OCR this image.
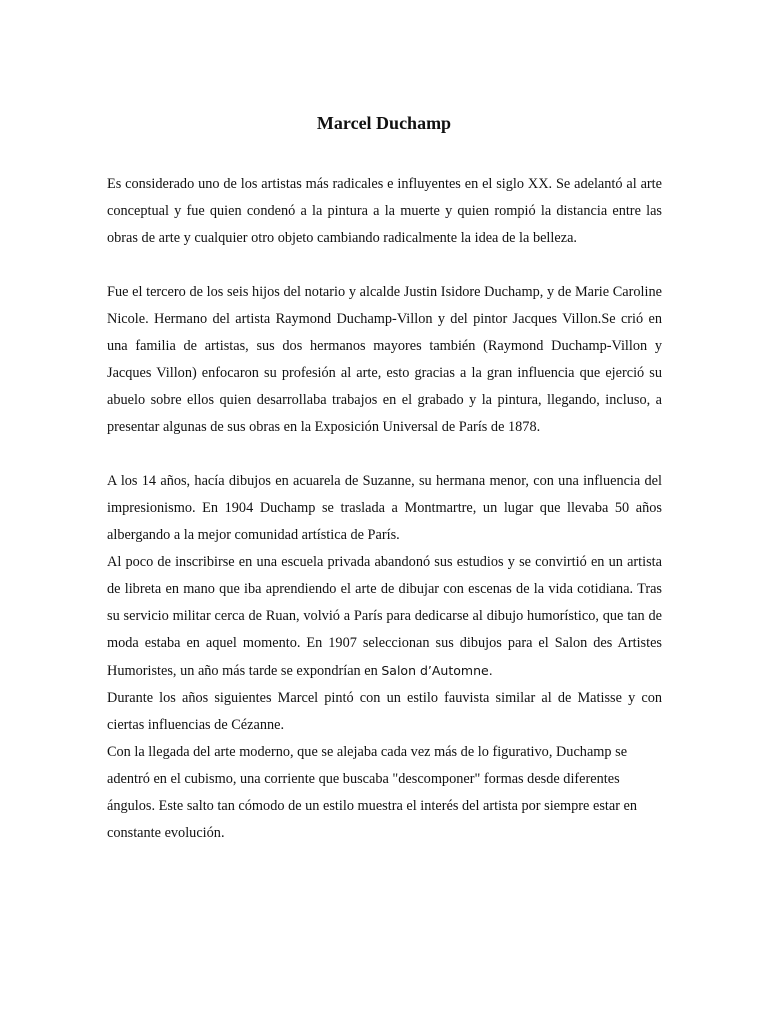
Marcel Duchamp

Es considerado uno de los artistas más radicales e influyentes en el siglo XX. Se adelantó al arte conceptual y fue quien condenó a la pintura a la muerte y quien rompió la distancia entre las obras de arte y cualquier otro objeto cambiando radicalmente la idea de la belleza.

Fue el tercero de los seis hijos del notario y alcalde Justin Isidore Duchamp, y de Marie Caroline Nicole. Hermano del artista Raymond Duchamp-Villon y del pintor Jacques Villon.Se crió en una familia de artistas, sus dos hermanos mayores también (Raymond Duchamp-Villon y Jacques Villon) enfocaron su profesión al arte, esto gracias a la gran influencia que ejerció su abuelo sobre ellos quien desarrollaba trabajos en el grabado y la pintura, llegando, incluso, a presentar algunas de sus obras en la Exposición Universal de París de 1878.

A los 14 años, hacía dibujos en acuarela de Suzanne, su hermana menor, con una influencia del impresionismo. En 1904 Duchamp se traslada a Montmartre, un lugar que llevaba 50 años albergando a la mejor comunidad artística de París.

Al poco de inscribirse en una escuela privada abandonó sus estudios y se convirtió en un artista de libreta en mano que iba aprendiendo el arte de dibujar con escenas de la vida cotidiana. Tras su servicio militar cerca de Ruan, volvió a París para dedicarse al dibujo humorístico, que tan de moda estaba en aquel momento. En 1907 seleccionan sus dibujos para el Salon des Artistes Humoristes, un año más tarde se expondrían en Salon d’Automne.

Durante los años siguientes Marcel pintó con un estilo fauvista similar al de Matisse y con ciertas influencias de Cézanne.

Con la llegada del arte moderno, que se alejaba cada vez más de lo figurativo, Duchamp se adentró en el cubismo, una corriente que buscaba "descomponer" formas desde diferentes ángulos. Este salto tan cómodo de un estilo muestra el interés del artista por siempre estar en constante evolución.
